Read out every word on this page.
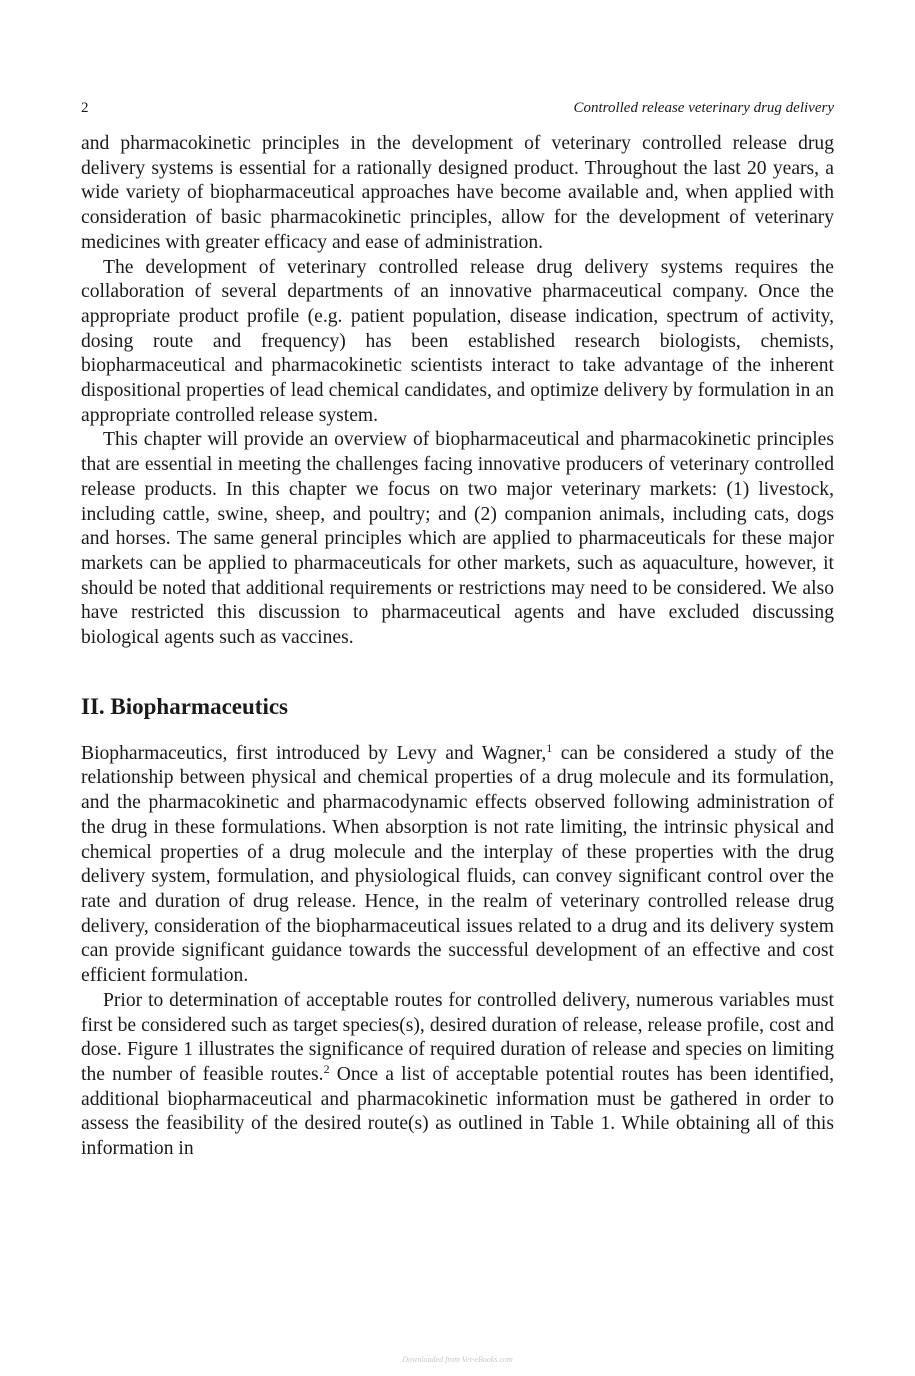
2	Controlled release veterinary drug delivery

and pharmacokinetic principles in the development of veterinary controlled release drug delivery systems is essential for a rationally designed product. Throughout the last 20 years, a wide variety of biopharmaceutical approaches have become available and, when applied with consideration of basic pharmacokinetic principles, allow for the development of veterinary medicines with greater efficacy and ease of administration.

The development of veterinary controlled release drug delivery systems requires the collaboration of several departments of an innovative pharmaceutical company. Once the appropriate product profile (e.g. patient population, disease indication, spectrum of activity, dosing route and frequency) has been established research biologists, chemists, biopharmaceutical and pharmacokinetic scientists interact to take advantage of the inherent dispositional properties of lead chemical candidates, and optimize delivery by formulation in an appropriate controlled release system.

This chapter will provide an overview of biopharmaceutical and pharmacokinetic principles that are essential in meeting the challenges facing innovative producers of veterinary controlled release products. In this chapter we focus on two major veterinary markets: (1) livestock, including cattle, swine, sheep, and poultry; and (2) companion animals, including cats, dogs and horses. The same general principles which are applied to pharmaceuticals for these major markets can be applied to pharmaceuticals for other markets, such as aquaculture, however, it should be noted that additional requirements or restrictions may need to be considered. We also have restricted this discussion to pharmaceutical agents and have excluded discussing biological agents such as vaccines.

II. Biopharmaceutics

Biopharmaceutics, first introduced by Levy and Wagner,$^1$ can be considered a study of the relationship between physical and chemical properties of a drug molecule and its formulation, and the pharmacokinetic and pharmacodynamic effects observed following administration of the drug in these formulations. When absorption is not rate limiting, the intrinsic physical and chemical properties of a drug molecule and the interplay of these properties with the drug delivery system, formulation, and physiological fluids, can convey significant control over the rate and duration of drug release. Hence, in the realm of veterinary controlled release drug delivery, consideration of the biopharmaceutical issues related to a drug and its delivery system can provide significant guidance towards the successful development of an effective and cost efficient formulation.

Prior to determination of acceptable routes for controlled delivery, numerous variables must first be considered such as target species(s), desired duration of release, release profile, cost and dose. Figure 1 illustrates the significance of required duration of release and species on limiting the number of feasible routes.$^2$ Once a list of acceptable potential routes has been identified, additional biopharmaceutical and pharmacokinetic information must be gathered in order to assess the feasibility of the desired route(s) as outlined in Table 1. While obtaining all of this information in

Downloaded from Vet-eBooks.com
